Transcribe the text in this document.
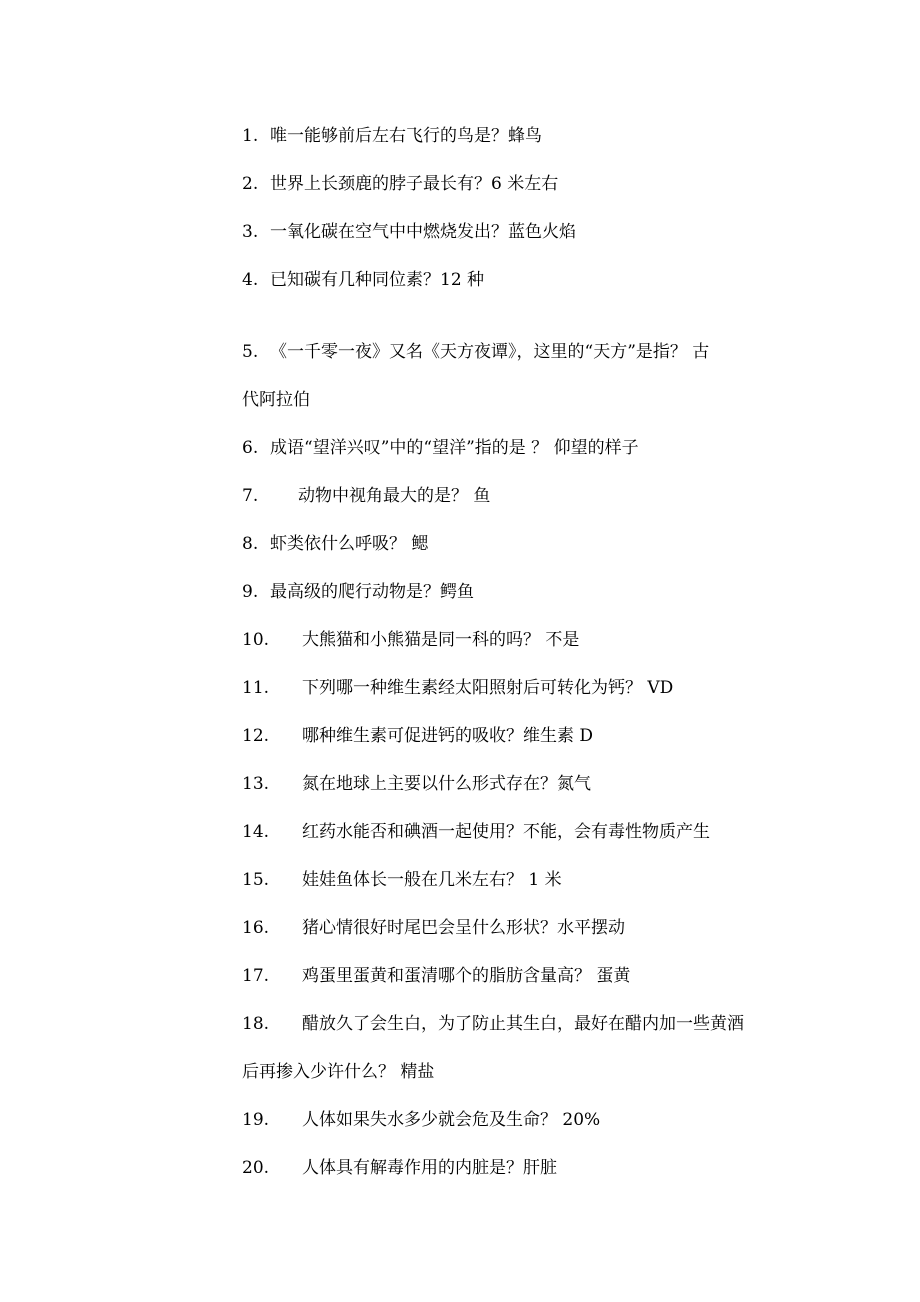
1. 唯一能够前后左右飞行的鸟是？蜂鸟
2. 世界上长颈鹿的脖子最长有？6 米左右
3. 一氧化碳在空气中中燃烧发出？蓝色火焰
4. 已知碳有几种同位素？12 种
5. 《一千零一夜》又名《天方夜谭》，这里的“天方”是指？ 古
代阿拉伯
6. 成语“望洋兴叹”中的“望洋”指的是 ？ 仰望的样子
7. 动物中视角最大的是？ 鱼
8. 虾类依什么呼吸？ 鳃
9. 最高级的爬行动物是？鳄鱼
10. 大熊猫和小熊猫是同一科的吗？ 不是
11. 下列哪一种维生素经太阳照射后可转化为钙？ VD
12. 哪种维生素可促进钙的吸收？维生素 D
13. 氮在地球上主要以什么形式存在？氮气
14. 红药水能否和碘酒一起使用？不能，会有毒性物质产生
15. 娃娃鱼体长一般在几米左右？ 1 米
16. 猪心情很好时尾巴会呈什么形状？水平摆动
17. 鸡蛋里蛋黄和蛋清哪个的脂肪含量高？ 蛋黄
18. 醋放久了会生白，为了防止其生白，最好在醋内加一些黄酒
后再掺入少许什么？ 精盐
19. 人体如果失水多少就会危及生命？ 20%
20. 人体具有解毒作用的内脏是？肝脏
